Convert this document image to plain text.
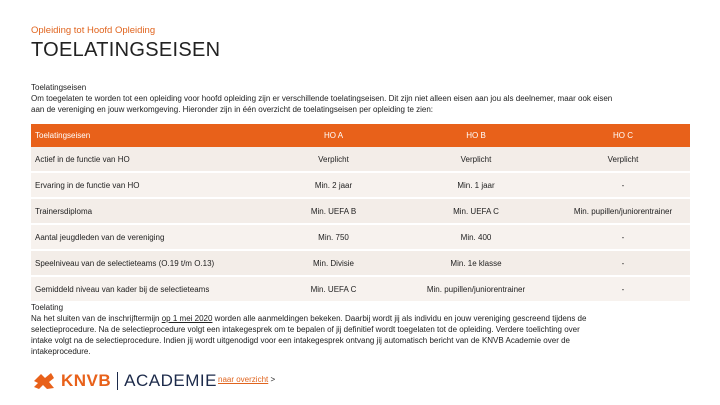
Opleiding tot Hoofd Opleiding
TOELATINGSEISEN
Toelatingseisen
Om toegelaten te worden tot een opleiding voor hoofd opleiding zijn er verschillende toelatingseisen. Dit zijn niet alleen eisen aan jou als deelnemer, maar ook eisen
aan de vereniging en jouw werkomgeving. Hieronder zijn in één overzicht de toelatingseisen per opleiding te zien:
Toelatingseisen	HO A	HO B	HO C
Actief in de functie van HO	Verplicht	Verplicht	Verplicht
Ervaring in de functie van HO	Min. 2 jaar	Min. 1 jaar	-
Trainersdiploma	Min. UEFA B	Min. UEFA C	Min. pupillen/juniorentrainer
Aantal jeugdleden van de vereniging	Min. 750	Min. 400	-
Speelniveau van de selectieteams (O.19 t/m O.13)	Min. Divisie	Min. 1e klasse	-
Gemiddeld niveau van kader bij de selectieteams	Min. UEFA C	Min. pupillen/juniorentrainer	-
Toelating
Na het sluiten van de inschrijftermijn op 1 mei 2020 worden alle aanmeldingen bekeken. Daarbij wordt jij als individu en jouw vereniging gescreend tijdens de
selectieprocedure. Na de selectieprocedure volgt een intakegesprek om te bepalen of jij definitief wordt toegelaten tot de opleiding. Verdere toelichting over
intake volgt na de selectieprocedure. Indien jij wordt uitgenodigd voor een intakegesprek ontvang jij automatisch bericht van de KNVB Academie over de
intakeprocedure.
KNVB ACADEMIE naar overzicht >
